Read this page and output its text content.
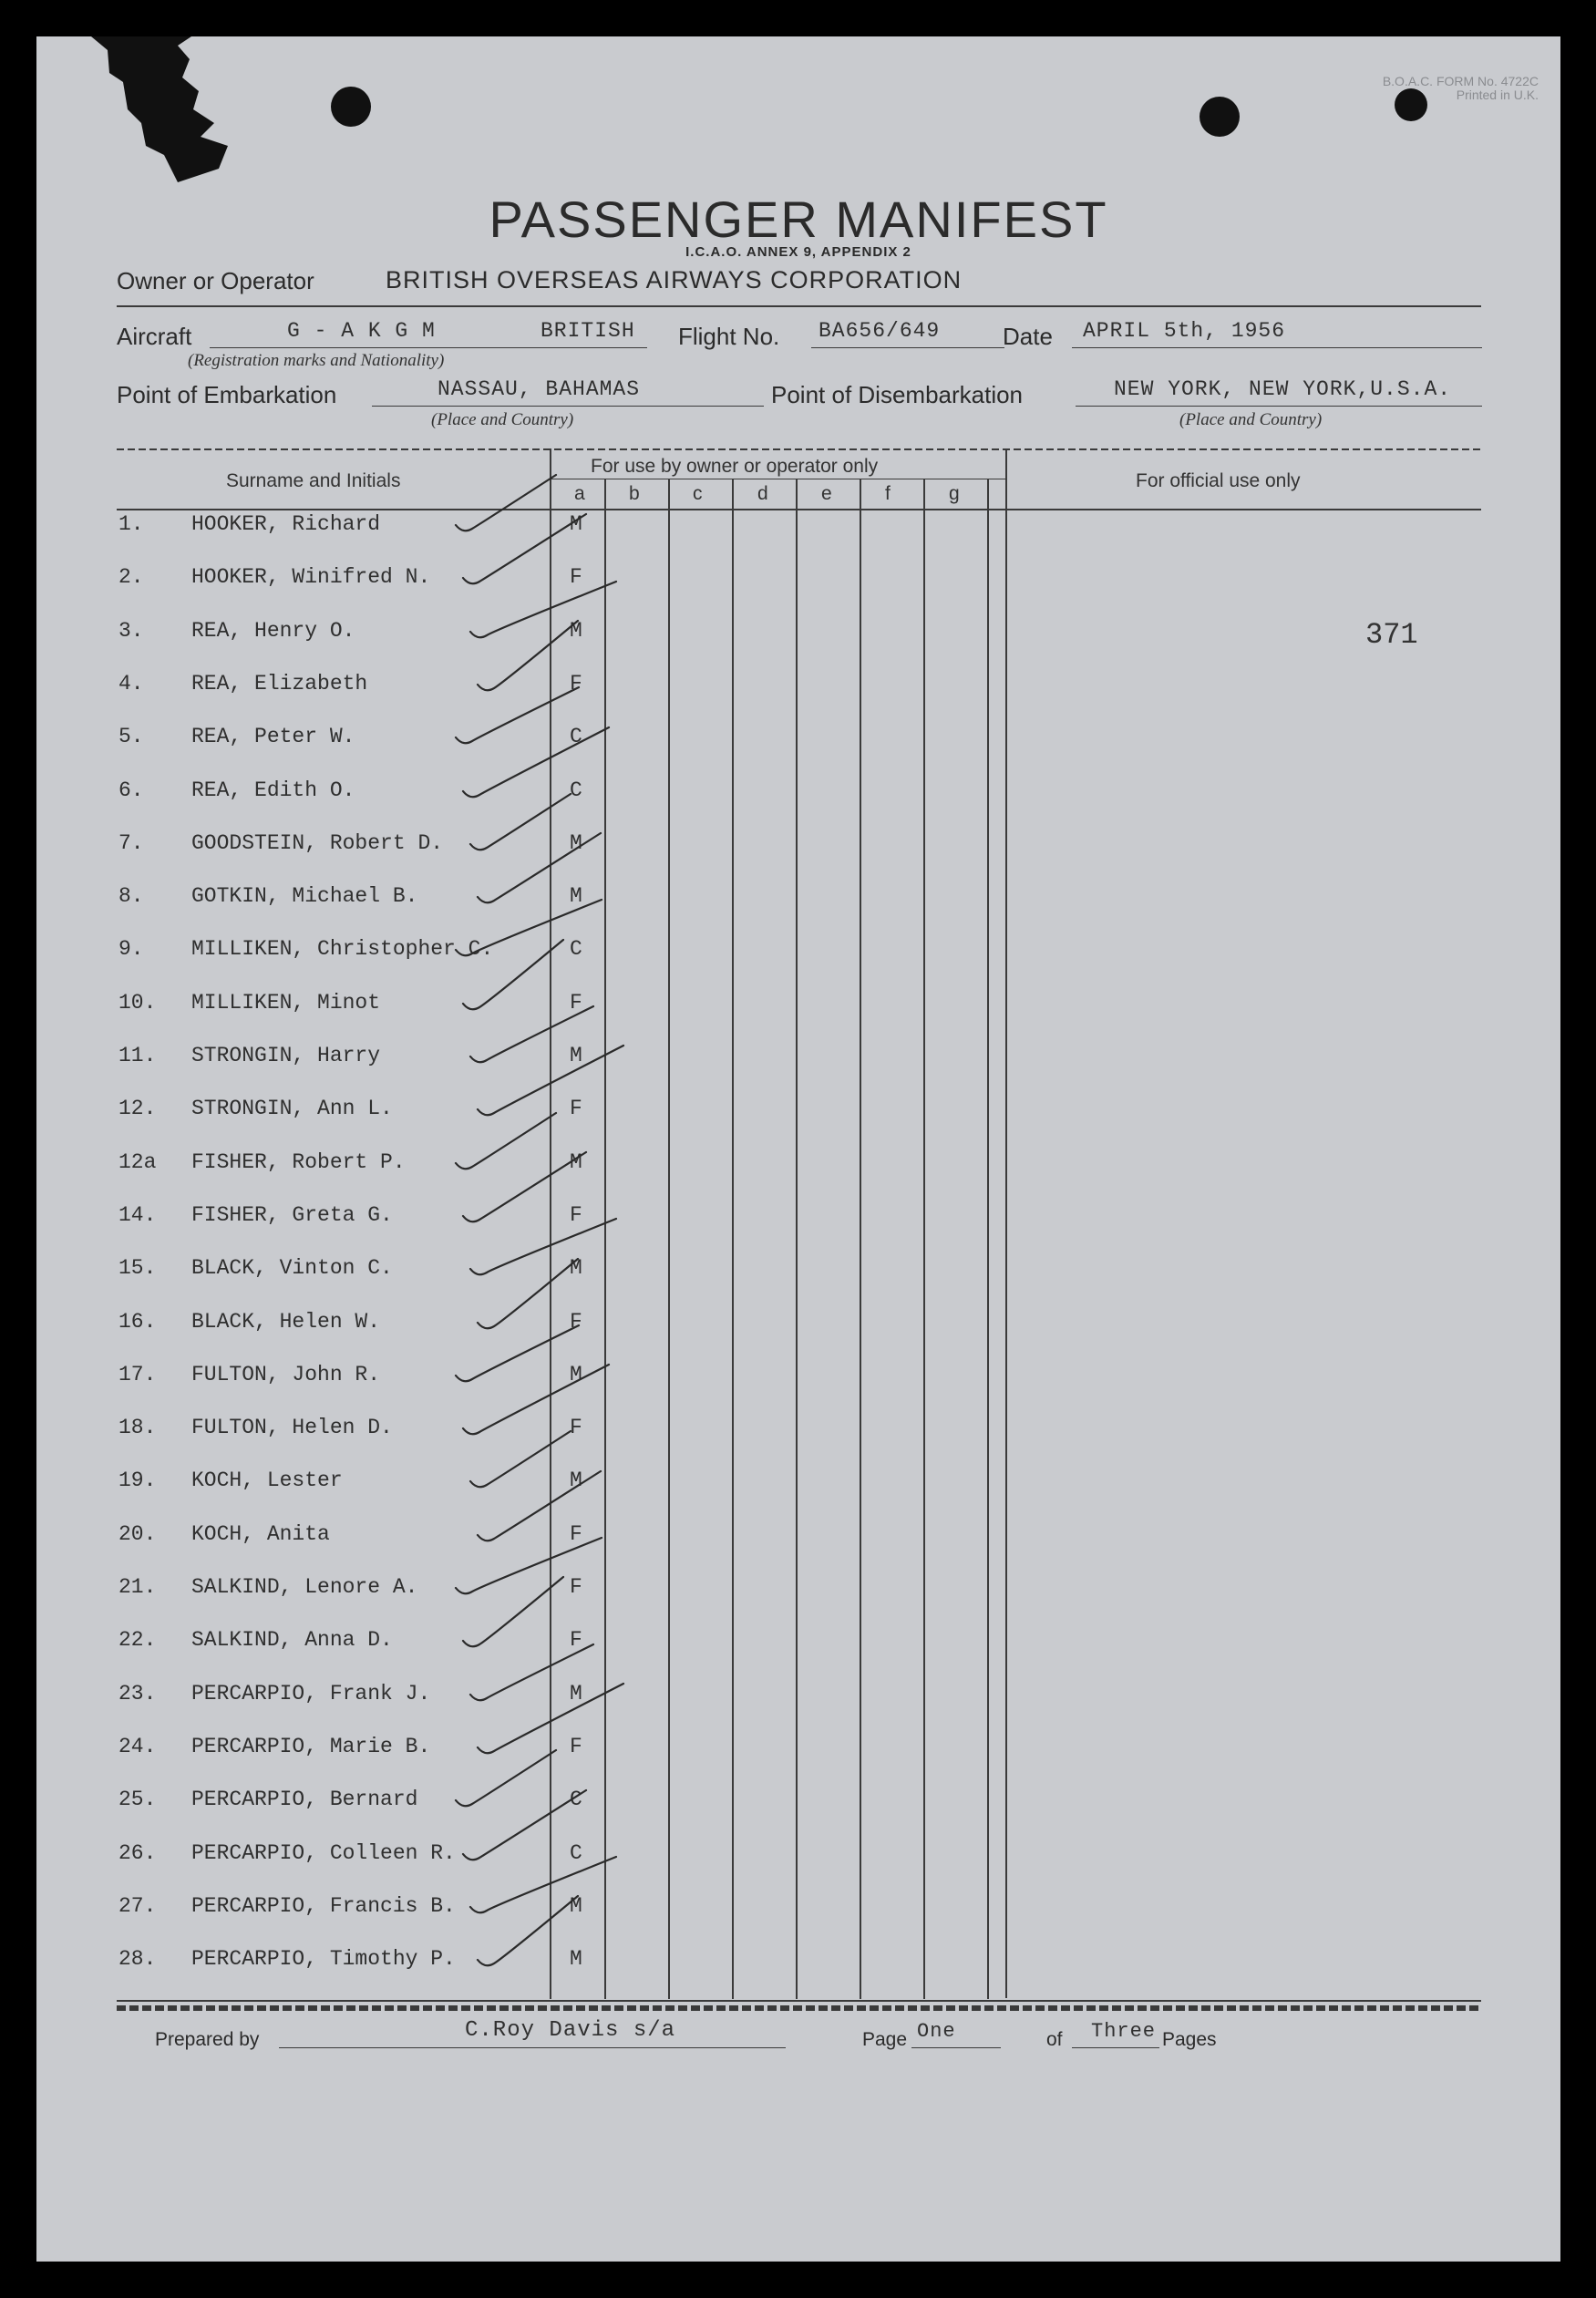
B.O.A.C. FORM No. 4722C
Printed in U.K.
PASSENGER MANIFEST
I.C.A.O. ANNEX 9, APPENDIX 2
Owner or Operator	BRITISH OVERSEAS AIRWAYS CORPORATION
Aircraft	G - A K G M	BRITISH
(Registration marks and Nationality)
Flight No. BA656/649	Date APRIL 5th, 1956
Point of Embarkation	NASSAU, BAHAMAS
(Place and Country)
Point of Disembarkation	NEW YORK, NEW YORK,U.S.A.
(Place and Country)
Surname and Initials
For use by owner or operator only
For official use only
a b	c	d	e	f	g
1. HOOKER, Richard	M
2. HOOKER, Winifred N.	F
3. REA, Henry O.	M
4. REA, Elizabeth	F
5. REA, Peter W.	C
6. REA, Edith O.	C
7. GOODSTEIN, Robert D.	M
8. GOTKIN, Michael B.	M
9. MILLIKEN, Christopher C.	C
10. MILLIKEN, Minot	F
11. STRONGIN, Harry	M
12. STRONGIN, Ann L.	F
12a FISHER, Robert P.	M
14. FISHER, Greta G.	F
15. BLACK, Vinton C.	M
16. BLACK, Helen W.	F
17. FULTON, John R.	M
18. FULTON, Helen D.	F
19. KOCH, Lester	M
20. KOCH, Anita	F
21. SALKIND, Lenore A.	F
22. SALKIND, Anna D.	F
23. PERCARPIO, Frank J.	M
24. PERCARPIO, Marie B.	F
25. PERCARPIO, Bernard	C
26. PERCARPIO, Colleen R.	C
27. PERCARPIO, Francis B.	M
28. PERCARPIO, Timothy P.	M
371
Prepared by	C.Roy Davis s/a	Page One	of Three Pages
